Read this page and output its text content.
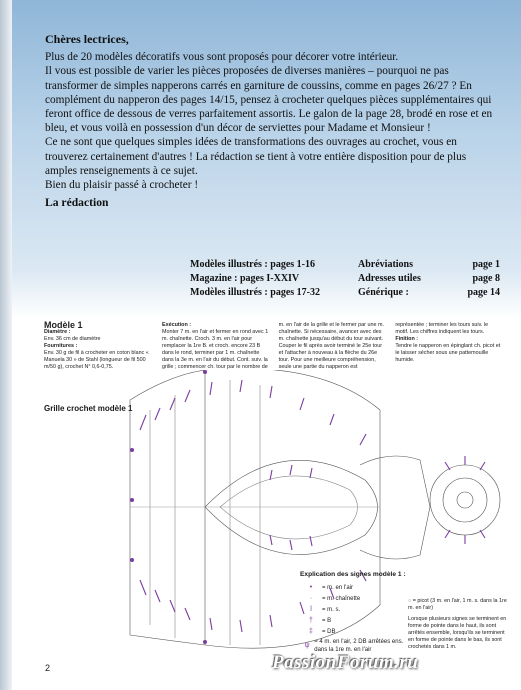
Chères lectrices,

Plus de 20 modèles décoratifs vous sont proposés pour décorer votre intérieur.

Il vous est possible de varier les pièces proposées de diverses manières – pourquoi ne pas transformer de simples napperons carrés en garniture de coussins, comme en pages 26/27 ? En complément du napperon des pages 14/15, pensez à crocheter quelques pièces supplémentaires qui feront office de dessous de verres parfaitement assortis. Le galon de la page 28, brodé en rose et en bleu, et vous voilà en possession d'un décor de serviettes pour Madame et Monsieur !

Ce ne sont que quelques simples idées de transformations des ouvrages au crochet, vous en trouverez certainement d'autres ! La rédaction se tient à votre entière disposition pour de plus amples renseignements à ce sujet.

Bien du plaisir passé à crocheter !

La rédaction
Modèles illustrés : pages 1-16	Abréviations	page 1
Magazine : pages I-XXIV	Adresses utiles	page 8
Modèles illustrés : pages 17-32	Générique :	page 14
Modèle 1

Diamètre :

Env. 36 cm de diamètre

Fournitures :

Env. 30 g de fil à crocheter en coton blanc « Manuela 30 » de Stahl (longueur de fil 500 m/50 g), crochet N° 0,6-0,75.

Grille crochet modèle 1

Exécution :

Monter 7 m. en l'air et fermer en rond avec 1 m. chaînette. Croch. 3 m. en l'air pour remplacer la 1re B. et croch. encore 23 B dans le rond, terminer par 1 m. chaînette dans la 3e m. en l'air du début. Cont. suiv. la grille ; commencer ch. tour par le nombre de m. en l'air de la grille et le fermer par une m. chaînette. Si nécessaire, avancer avec des m. chaînette jusqu'au début du tour suivant. Couper le fil après avoir terminé le 25e tour et l'attacher à nouveau à la flèche du 26e tour. Pour une meilleure compréhension, seule une partie du napperon est représentée ; terminer les tours suiv. le motif. Les chiffres indiquent les tours.

Finition :

Tendre le napperon en épinglant ch. picot et le laisser sécher sous une pattemouille humide.

Explication des signes modèle 1 :
•	= m. en l'air
·	= m. chaînette
ǀ	= m. s.
†	= B
‡	= DB
ψ = 4 m. en l'air, 2 DB arrêtées ens. dans la 1re m. en l'air

○ = picot (3 m. en l'air, 1 m. s. dans la 1re m. en l'air)

Lorsque plusieurs signes se terminent en forme de pointe dans le haut, ils sont arrêtés ensemble, lorsqu'ils se terminent en forme de pointe dans le bas, ils sont crochetés dans 1 m.

2	PassionForum.ru
